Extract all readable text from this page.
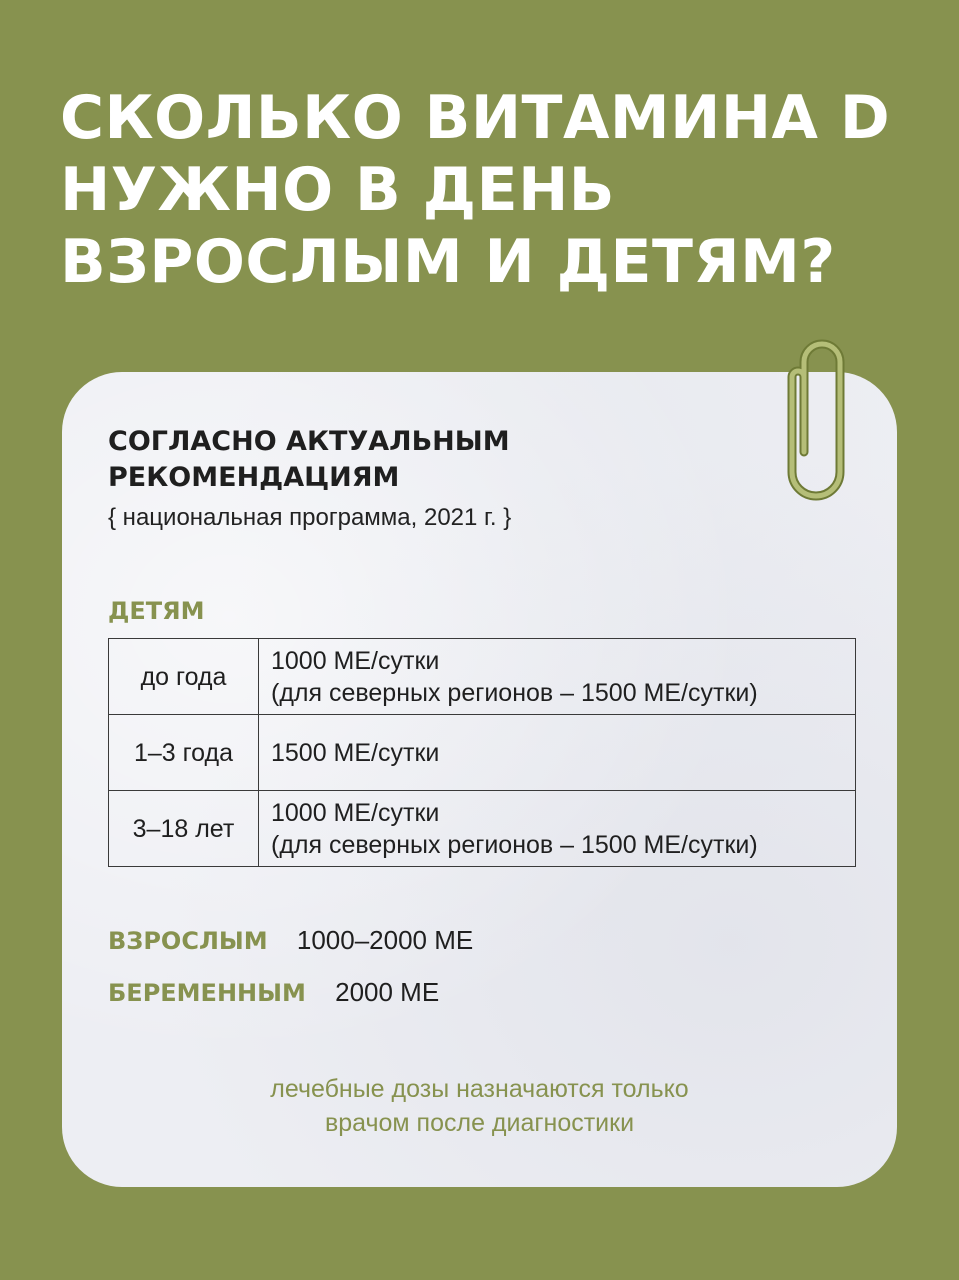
СКОЛЬКО ВИТАМИНА D
НУЖНО В ДЕНЬ
ВЗРОСЛЫМ И ДЕТЯМ?
СОГЛАСНО АКТУАЛЬНЫМ
РЕКОМЕНДАЦИЯМ
{ национальная программа, 2021 г. }
ДЕТЯМ
до года	1000 МЕ/сутки
(для северных регионов – 1500 МЕ/сутки)

1–3 года	1500 МЕ/сутки

3–18 лет	1000 МЕ/сутки
(для северных регионов – 1500 МЕ/сутки)
ВЗРОСЛЫМ 1000–2000 МЕ
БЕРЕМЕННЫМ 2000 МЕ
лечебные дозы назначаются только
врачом после диагностики
